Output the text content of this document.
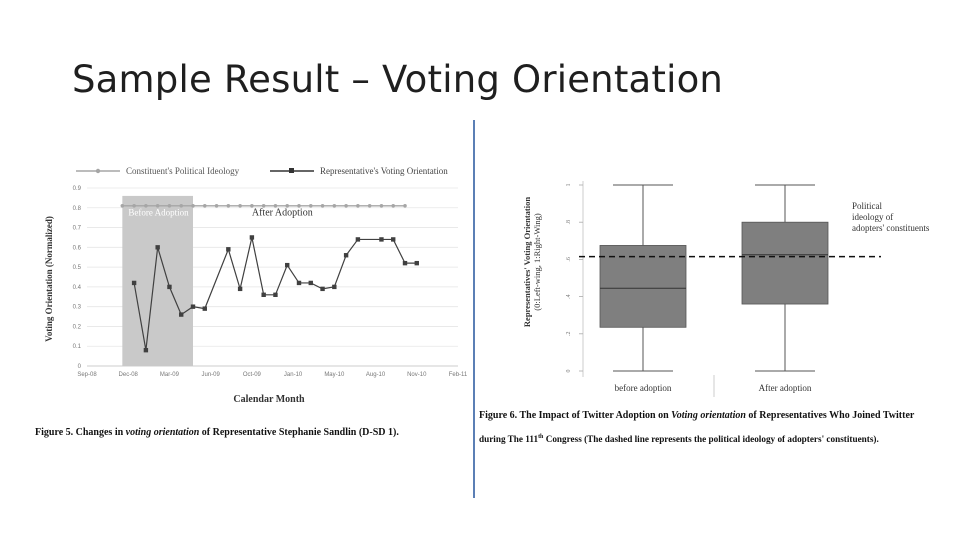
Sample Result – Voting Orientation
Constituent's Political Ideology	Representative's Voting Orientation
Before Adoption	After Adoption
0
0.1
0.2
0.3
0.4
0.5
0.6
0.7
0.8
0.9
Sep-08	Dec-08	Mar-09	Jun-09	Oct-09	Jan-10	May-10	Aug-10	Nov-10	Feb-11
Voting Orientation (Normalized)
Calendar Month
Figure 5. Changes in voting orientation of Representative Stephanie Sandlin (D-SD 1).
before adoption	After adoption
0
.2
.4
.6
.8
1
Representatives' Voting Orientation (0:Left-wing, 1:Right-Wing)
Political
ideology of
adopters' constituents
Figure 6. The Impact of Twitter Adoption on Voting orientation of Representatives Who Joined Twitter
during The 111th Congress (The dashed line represents the political ideology of adopters' constituents).
